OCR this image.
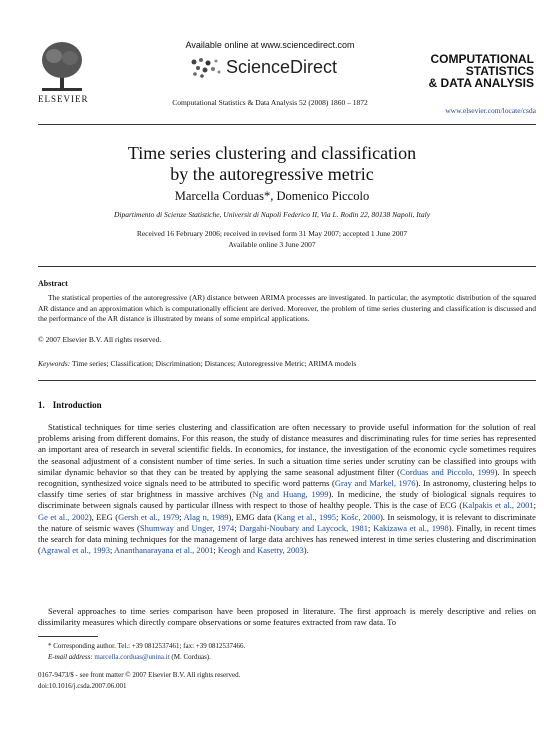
ELSEVIER
Available online at www.sciencedirect.com
ScienceDirect
Computational Statistics & Data Analysis 52 (2008) 1860 – 1872
COMPUTATIONAL
STATISTICS
& DATA ANALYSIS
www.elsevier.com/locate/csda
Time series clustering and classification
by the autoregressive metric
Marcella Corduas*, Domenico Piccolo
Dipartimento di Scienze Statistiche, Universit di Napoli Federico II, Via L. Rodin 22, 80138 Napoli, Italy
Received 16 February 2006; received in revised form 31 May 2007; accepted 1 June 2007
Available online 3 June 2007
Abstract
The statistical properties of the autoregressive (AR) distance between ARIMA processes are investigated. In particular, the asymptotic distribution of the squared AR distance and an approximation which is computationally efficient are derived. Moreover, the problem of time series clustering and classification is discussed and the performance of the AR distance is illustrated by means of some empirical applications.
© 2007 Elsevier B.V. All rights reserved.
Keywords: Time series; Classification; Discrimination; Distances; Autoregressive Metric; ARIMA models
1. Introduction

Statistical techniques for time series clustering and classification are often necessary to provide useful information for the solution of real problems arising from different domains. For this reason, the study of distance measures and discriminating rules for time series has represented an important area of research in several scientific fields. In economics, for instance, the investigation of the economic cycle sometimes requires the seasonal adjustment of a consistent number of time series. In such a situation time series under scrutiny can be classified into groups with similar dynamic behavior so that they can be treated by applying the same seasonal adjustment filter (Corduas and Piccolo, 1999). In speech recognition, synthesized voice signals need to be attributed to specific word patterns (Gray and Markel, 1976). In astronomy, clustering helps to classify time series of star brightness in massive archives (Ng and Huang, 1999). In medicine, the study of biological signals requires to discriminate between signals caused by particular illness with respect to those of healthy people. This is the case of ECG (Kalpakis et al., 2001; Ge et al., 2002), EEG (Gersh et al., 1979; Alag n, 1989), EMG data (Kang et al., 1995; Košc, 2000). In seismology, it is relevant to discriminate the nature of seismic waves (Shumway and Unger, 1974; Dargahi-Noubary and Laycock, 1981; Kakizawa et al., 1998). Finally, in recent times the search for data mining techniques for the management of large data archives has renewed interest in time series clustering and discrimination (Agrawal et al., 1993; Ananthanarayana et al., 2001; Keogh and Kasetty, 2003).

Several approaches to time series comparison have been proposed in literature. The first approach is merely descriptive and relies on dissimilarity measures which directly compare observations or some features extracted from raw data. To

* Corresponding author. Tel.: +39 0812537461; fax: +39 0812537466.
E-mail address: marcella.corduas@unina.it (M. Corduas).
0167-9473/$ - see front matter © 2007 Elsevier B.V. All rights reserved.
doi:10.1016/j.csda.2007.06.001
